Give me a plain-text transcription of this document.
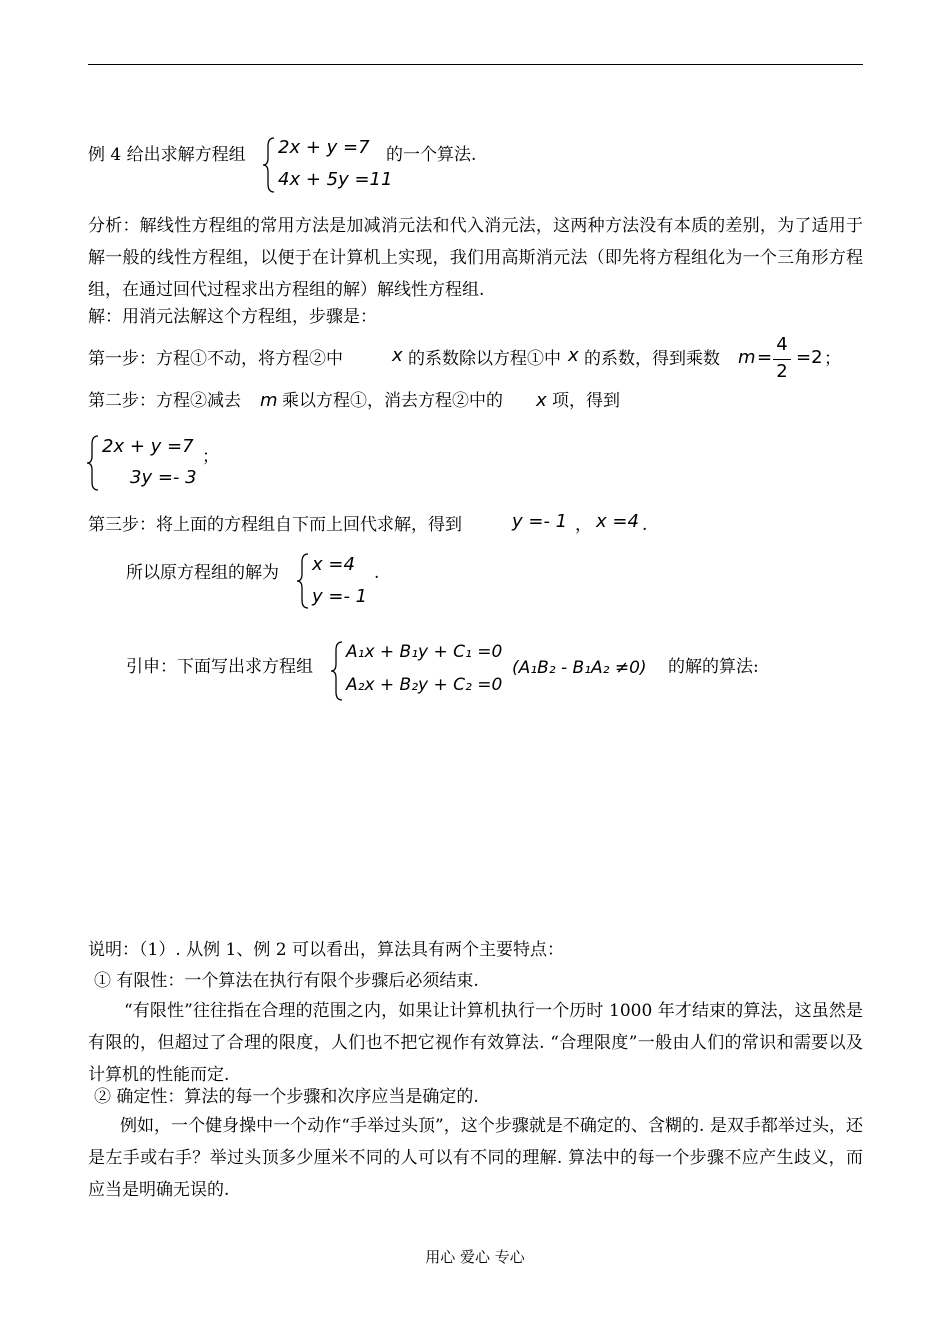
例 4 给出求解方程组 2x + y =7
4x + 5y =11
的一个算法.
分析：解线性方程组的常用方法是加减消元法和代入消元法，这两种方法没有本质的差别，为了适用于解一般的线性方程组，以便于在计算机上实现，我们用高斯消元法（即先将方程组化为一个三角形方程组，在通过回代过程求出方程组的解）解线性方程组.
解：用消元法解这个方程组，步骤是：
第一步：方程①不动，将方程②中	x 的系数除以方程①中 x 的系数，得到乘数 m =
4
2
=2 ；
第二步：方程②减去 m 乘以方程①，消去方程②中的 x 项，得到
2x + y =7
3y =- 3
；
第三步：将上面的方程组自下而上回代求解，得到	y =- 1 ， x =4 .
所以原方程组的解为 x =4
y =- 1
.
引申：下面写出求方程组
A₁x + B₁y + C₁ =0
A₂x + B₂y + C₂ =0
(A₁B₂ - B₁A₂ ≠0) 的解的算法:
说明：（1）. 从例 1、例 2 可以看出，算法具有两个主要特点：
① 有限性：一个算法在执行有限个步骤后必须结束.
“有限性”往往指在合理的范围之内，如果让计算机执行一个历时 1000 年才结束的算法，这虽然是有限的，但超过了合理的限度，人们也不把它视作有效算法. “合理限度”一般由人们的常识和需要以及计算机的性能而定.
② 确定性：算法的每一个步骤和次序应当是确定的.
例如，一个健身操中一个动作“手举过头顶”，这个步骤就是不确定的、含糊的. 是双手都举过头，还是左手或右手？举过头顶多少厘米不同的人可以有不同的理解. 算法中的每一个步骤不应产生歧义，而应当是明确无误的.
用心 爱心 专心
